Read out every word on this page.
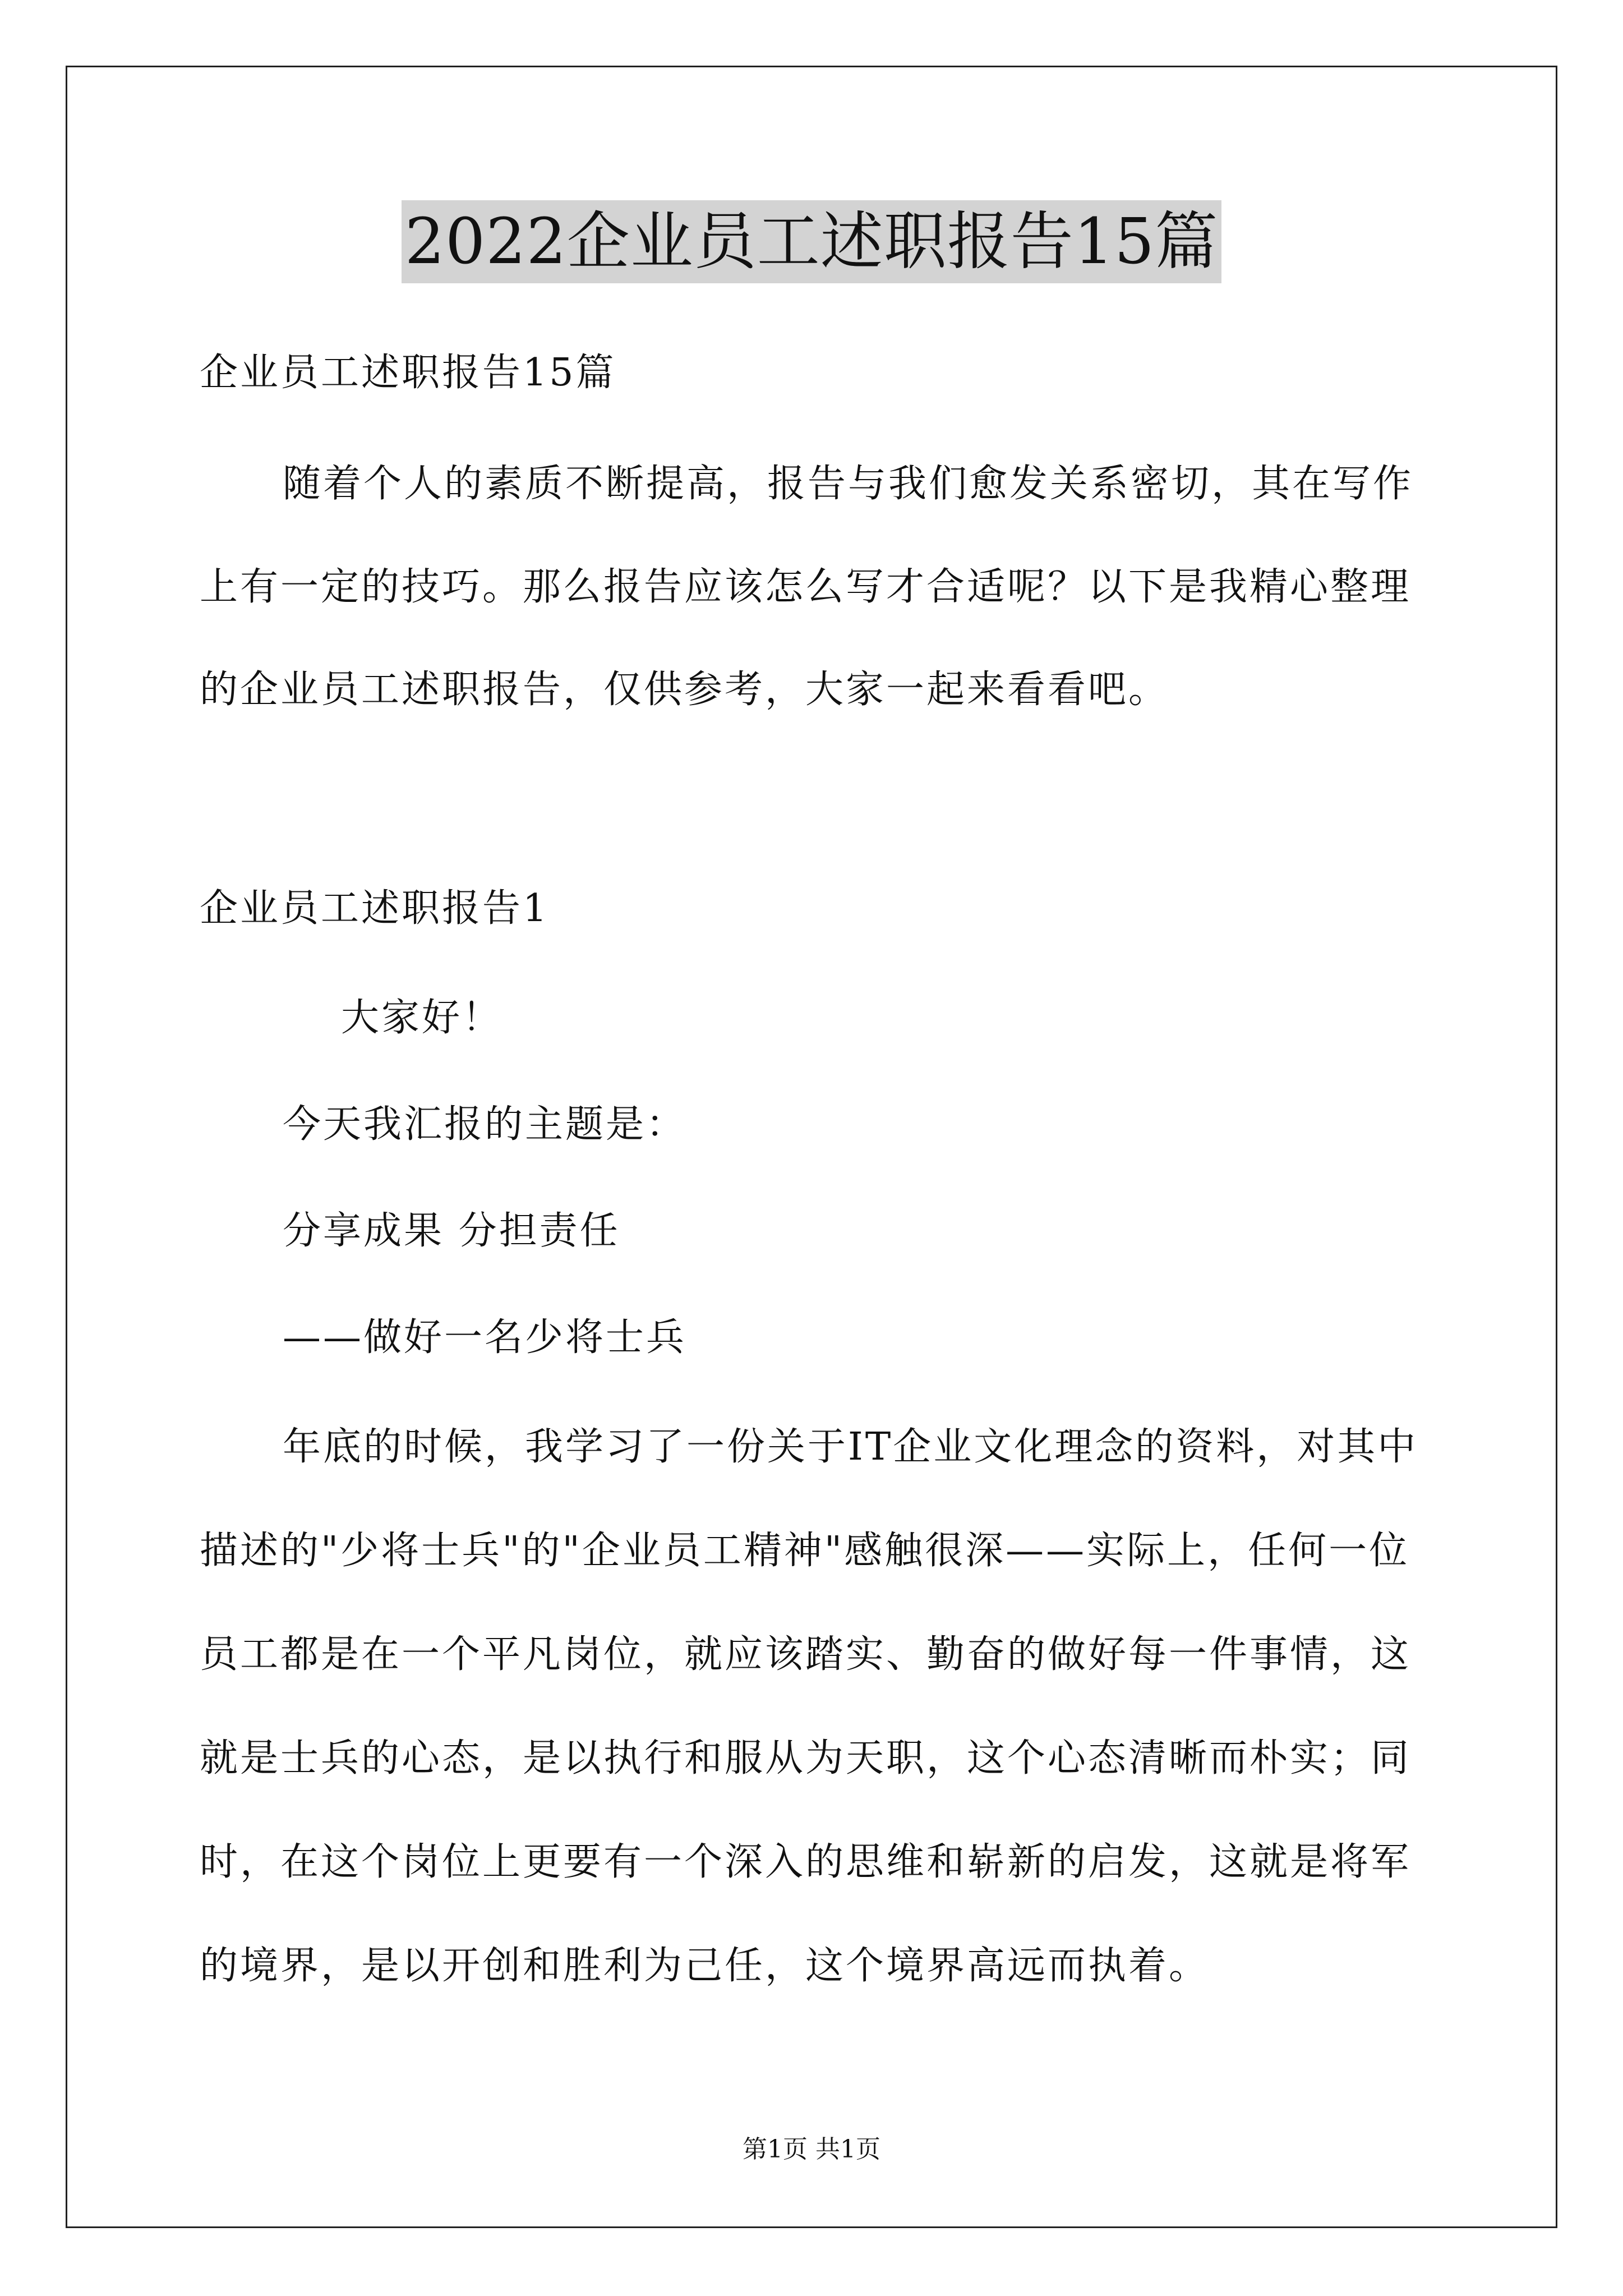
2022企业员工述职报告15篇
企业员工述职报告15篇
随着个人的素质不断提高，报告与我们愈发关系密切，其在写作
上有一定的技巧。那么报告应该怎么写才合适呢？以下是我精心整理
的企业员工述职报告，仅供参考，大家一起来看看吧。
企业员工述职报告1
大家好！
今天我汇报的主题是：
分享成果 分担责任
——做好一名少将士兵
年底的时候，我学习了一份关于IT企业文化理念的资料，对其中
描述的"少将士兵"的"企业员工精神"感触很深——实际上，任何一位
员工都是在一个平凡岗位，就应该踏实、勤奋的做好每一件事情，这
就是士兵的心态，是以执行和服从为天职，这个心态清晰而朴实；同
时，在这个岗位上更要有一个深入的思维和崭新的启发，这就是将军
的境界，是以开创和胜利为己任，这个境界高远而执着。
第1页 共1页
